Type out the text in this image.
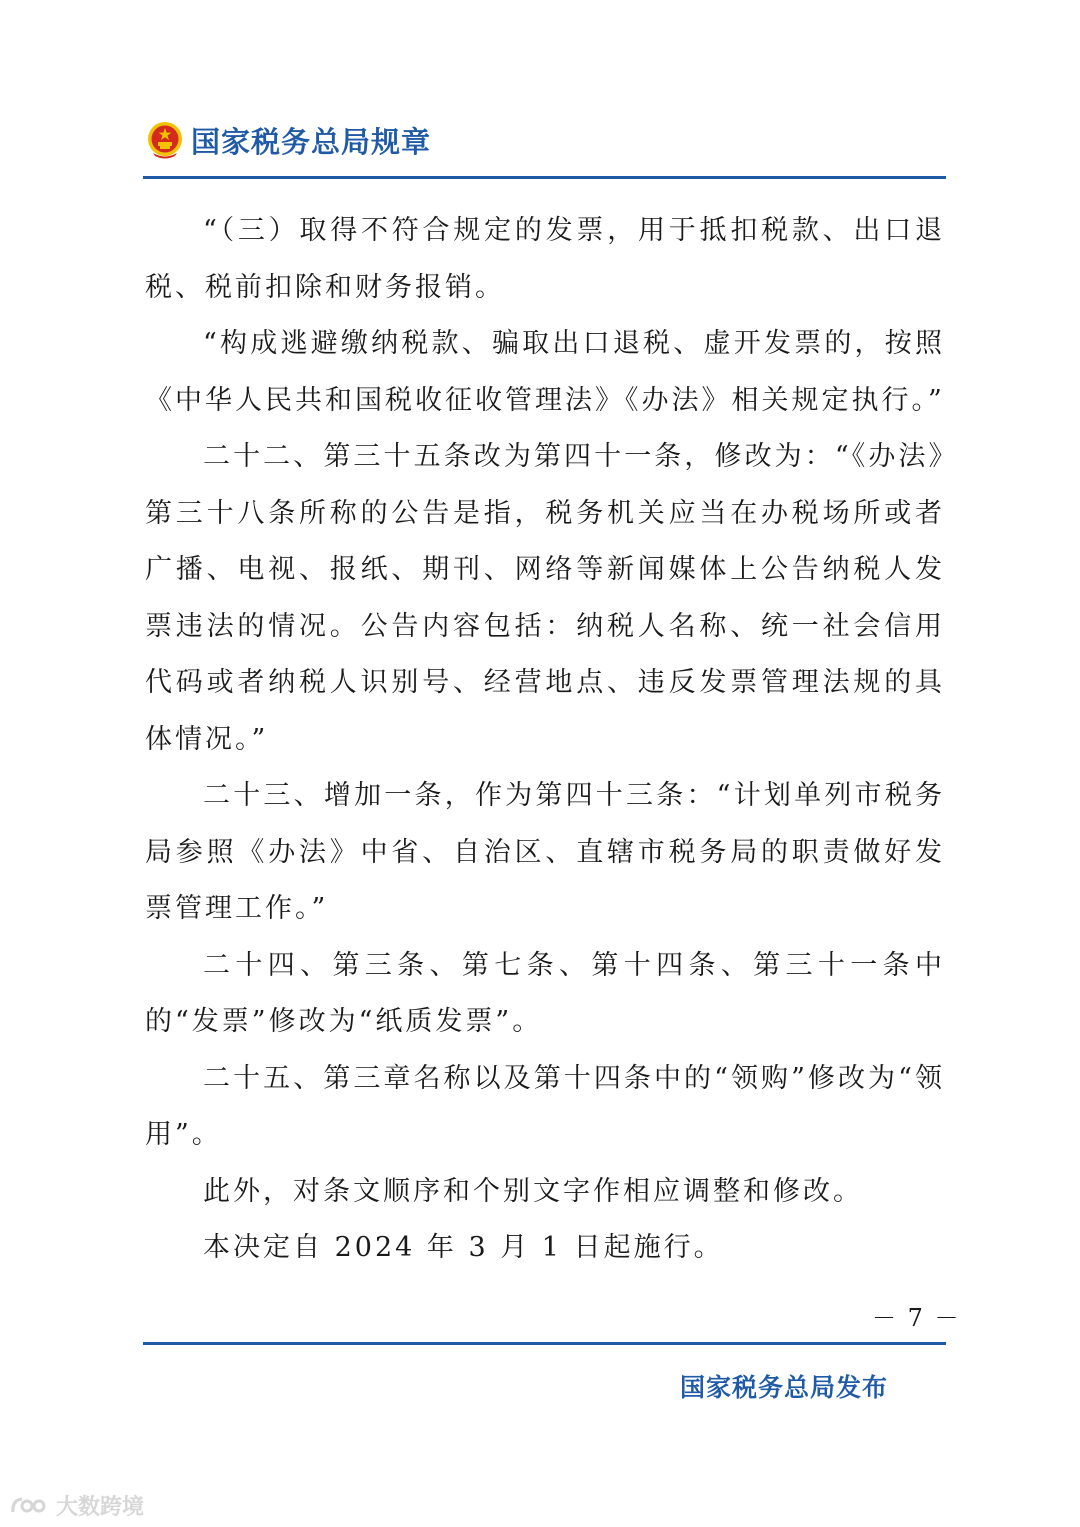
国家税务总局规章

“（三）取得不符合规定的发票，用于抵扣税款、出口退税、税前扣除和财务报销。

“构成逃避缴纳税款、骗取出口退税、虚开发票的，按照《中华人民共和国税收征收管理法》《办法》相关规定执行。”

二十二、第三十五条改为第四十一条，修改为：“《办法》第三十八条所称的公告是指，税务机关应当在办税场所或者广播、电视、报纸、期刊、网络等新闻媒体上公告纳税人发票违法的情况。公告内容包括：纳税人名称、统一社会信用代码或者纳税人识别号、经营地点、违反发票管理法规的具体情况。”

二十三、增加一条，作为第四十三条：“计划单列市税务局参照《办法》中省、自治区、直辖市税务局的职责做好发票管理工作。”

二十四、第三条、第七条、第十四条、第三十一条中的“发票”修改为“纸质发票”。

二十五、第三章名称以及第十四条中的“领购”修改为“领用”。

此外，对条文顺序和个别文字作相应调整和修改。

本决定自 2024 年 3 月 1 日起施行。

－ 7 －
国家税务总局发布
大数跨境
